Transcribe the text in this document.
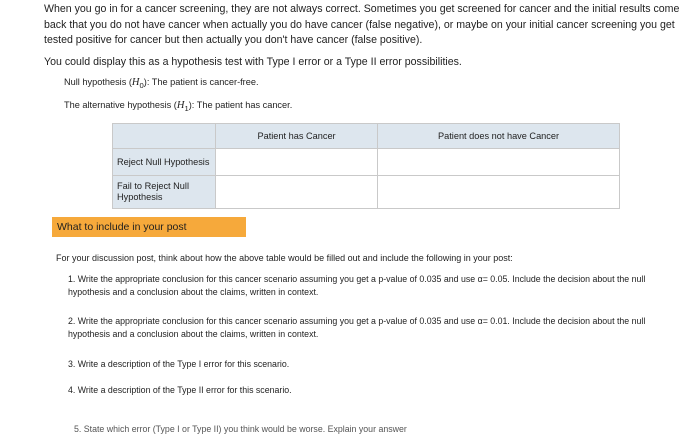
When you go in for a cancer screening, they are not always correct. Sometimes you get screened for cancer and the initial results come back that you do not have cancer when actually you do have cancer (false negative), or maybe on your initial cancer screening you get tested positive for cancer but then actually you don't have cancer (false positive).
You could display this as a hypothesis test with Type I error or a Type II error possibilities.
Null hypothesis $(H_0)$: The patient is cancer-free.
The alternative hypothesis $(H_1)$: The patient has cancer.
	Patient has Cancer	Patient does not have Cancer
Reject Null Hypothesis		
Fail to Reject Null Hypothesis		
What to include in your post
For your discussion post, think about how the above table would be filled out and include the following in your post:
1. Write the appropriate conclusion for this cancer scenario assuming you get a p-value of 0.035 and use α= 0.05. Include the decision about the null hypothesis and a conclusion about the claims, written in context.
2. Write the appropriate conclusion for this cancer scenario assuming you get a p-value of 0.035 and use α= 0.01. Include the decision about the null hypothesis and a conclusion about the claims, written in context.
3. Write a description of the Type I error for this scenario.
4. Write a description of the Type II error for this scenario.
5. State which error (Type I or Type II) you think would be worse. Explain your answer
